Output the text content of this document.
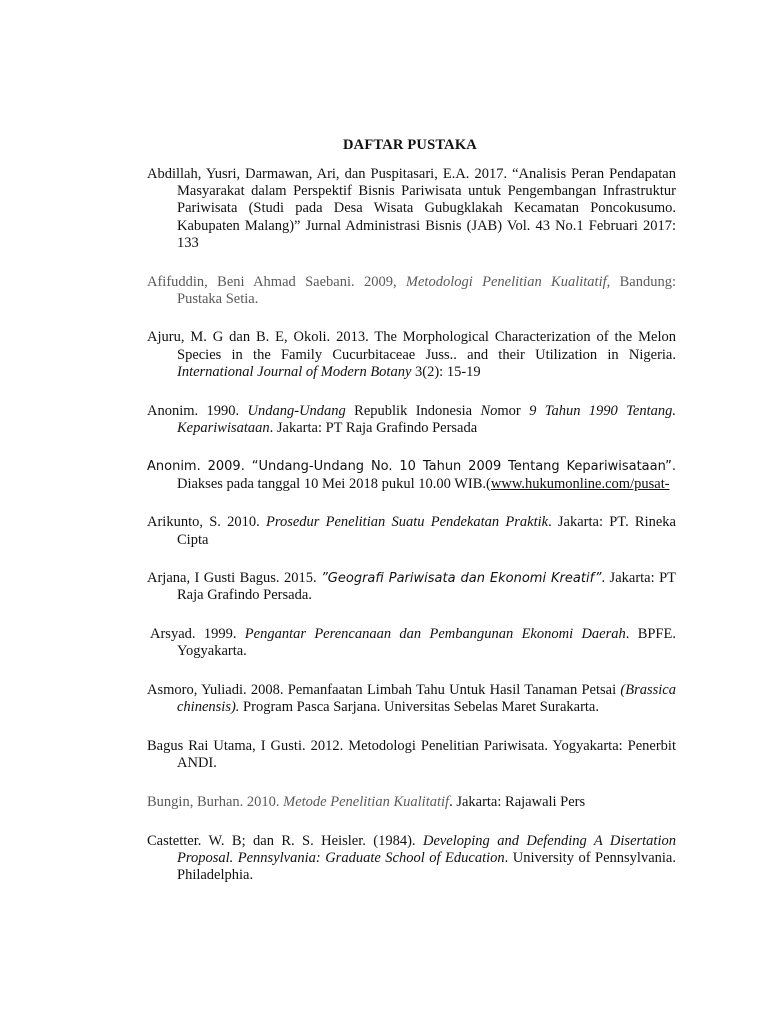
DAFTAR PUSTAKA

Abdillah, Yusri, Darmawan, Ari, dan Puspitasari, E.A. 2017. “Analisis Peran Pendapatan Masyarakat dalam Perspektif Bisnis Pariwisata untuk Pengembangan Infrastruktur Pariwisata (Studi pada Desa Wisata Gubugklakah Kecamatan Poncokusumo. Kabupaten Malang)” Jurnal Administrasi Bisnis (JAB) Vol. 43 No.1 Februari 2017: 133

Afifuddin, Beni Ahmad Saebani. 2009, Metodologi Penelitian Kualitatif, Bandung: Pustaka Setia.

Ajuru, M. G dan B. E, Okoli. 2013. The Morphological Characterization of the Melon Species in the Family Cucurbitaceae Juss.. and their Utilization in Nigeria. International Journal of Modern Botany 3(2): 15-19

Anonim. 1990. Undang-Undang Republik Indonesia Nomor 9 Tahun 1990 Tentang. Kepariwisataan. Jakarta: PT Raja Grafindo Persada

Anonim. 2009. “Undang-Undang No. 10 Tahun 2009 Tentang Kepariwisataan”. Diakses pada tanggal 10 Mei 2018 pukul 10.00 WIB.(www.hukumonline.com/pusat-

Arikunto, S. 2010. Prosedur Penelitian Suatu Pendekatan Praktik. Jakarta: PT. Rineka Cipta

Arjana, I Gusti Bagus. 2015. ”Geografi Pariwisata dan Ekonomi Kreatif”. Jakarta: PT Raja Grafindo Persada.

Arsyad. 1999. Pengantar Perencanaan dan Pembangunan Ekonomi Daerah. BPFE. Yogyakarta.

Asmoro, Yuliadi. 2008. Pemanfaatan Limbah Tahu Untuk Hasil Tanaman Petsai (Brassica chinensis). Program Pasca Sarjana. Universitas Sebelas Maret Surakarta.

Bagus Rai Utama, I Gusti. 2012. Metodologi Penelitian Pariwisata. Yogyakarta: Penerbit ANDI.

Bungin, Burhan. 2010. Metode Penelitian Kualitatif. Jakarta: Rajawali Pers

Castetter. W. B; dan R. S. Heisler. (1984). Developing and Defending A Disertation Proposal. Pennsylvania: Graduate School of Education. University of Pennsylvania. Philadelphia.
